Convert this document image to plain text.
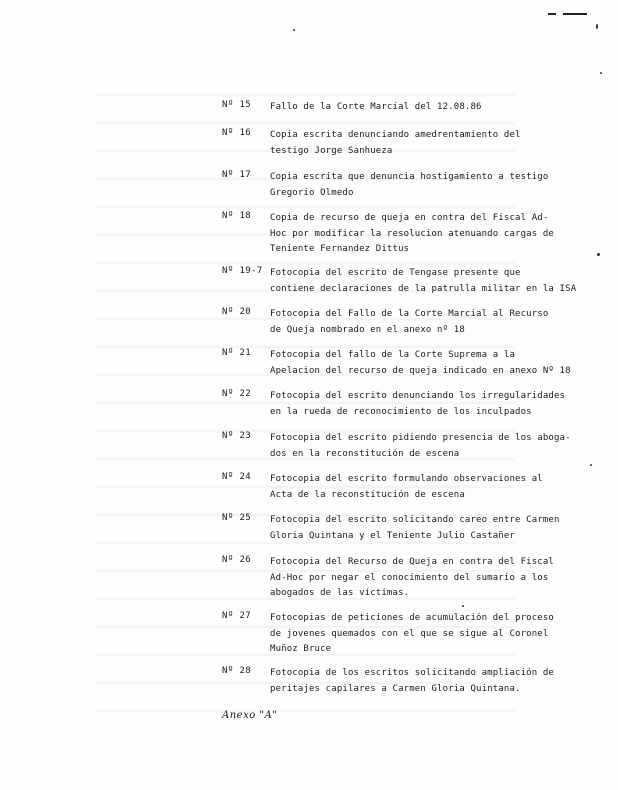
Nº 15	Fallo de la Corte Marcial del 12.08.86
Nº 16	Copia escrita denunciando amedrentamiento del
testigo Jorge Sanhueza
Nº 17	Copia escrita que denuncia hostigamiento a testigo
Gregorio Olmedo
Nº 18	Copia de recurso de queja en contra del Fiscal Ad-
Hoc por modificar la resolucion atenuando cargas de
Teniente Fernandez Dittus
Nº 19-7 Fotocopia del escrito de Tengase presente que
contiene declaraciones de la patrulla militar en la ISA
Nº 20	Fotocopia del Fallo de la Corte Marcial al Recurso
de Queja nombrado en el anexo nº 18
Nº 21	Fotocopia del fallo de la Corte Suprema a la
Apelacion del recurso de queja indicado en anexo Nº 18
Nº 22	Fotocopia del escrito denunciando los irregularidades
en la rueda de reconocimiento de los inculpados
Nº 23	Fotocopia del escrito pidiendo presencia de los aboga-
dos en la reconstitución de escena
Nº 24	Fotocopia del escrito formulando observaciones al
Acta de la reconstitución de escena
Nº 25	Fotocopia del escrito solicitando careo entre Carmen
Gloria Quintana y el Teniente Julio Castañer
Nº 26	Fotocopia del Recurso de Queja en contra del Fiscal
Ad-Hoc por negar el conocimiento del sumario a los
abogados de las víctimas.
Nº 27	Fotocopias de peticiones de acumulación del proceso
de jovenes quemados con el que se sigue al Coronel
Muñoz Bruce
Nº 28	Fotocopia de los escritos solicitando ampliación de
peritajes capilares a Carmen Gloria Quintana.
Anexo "A"
